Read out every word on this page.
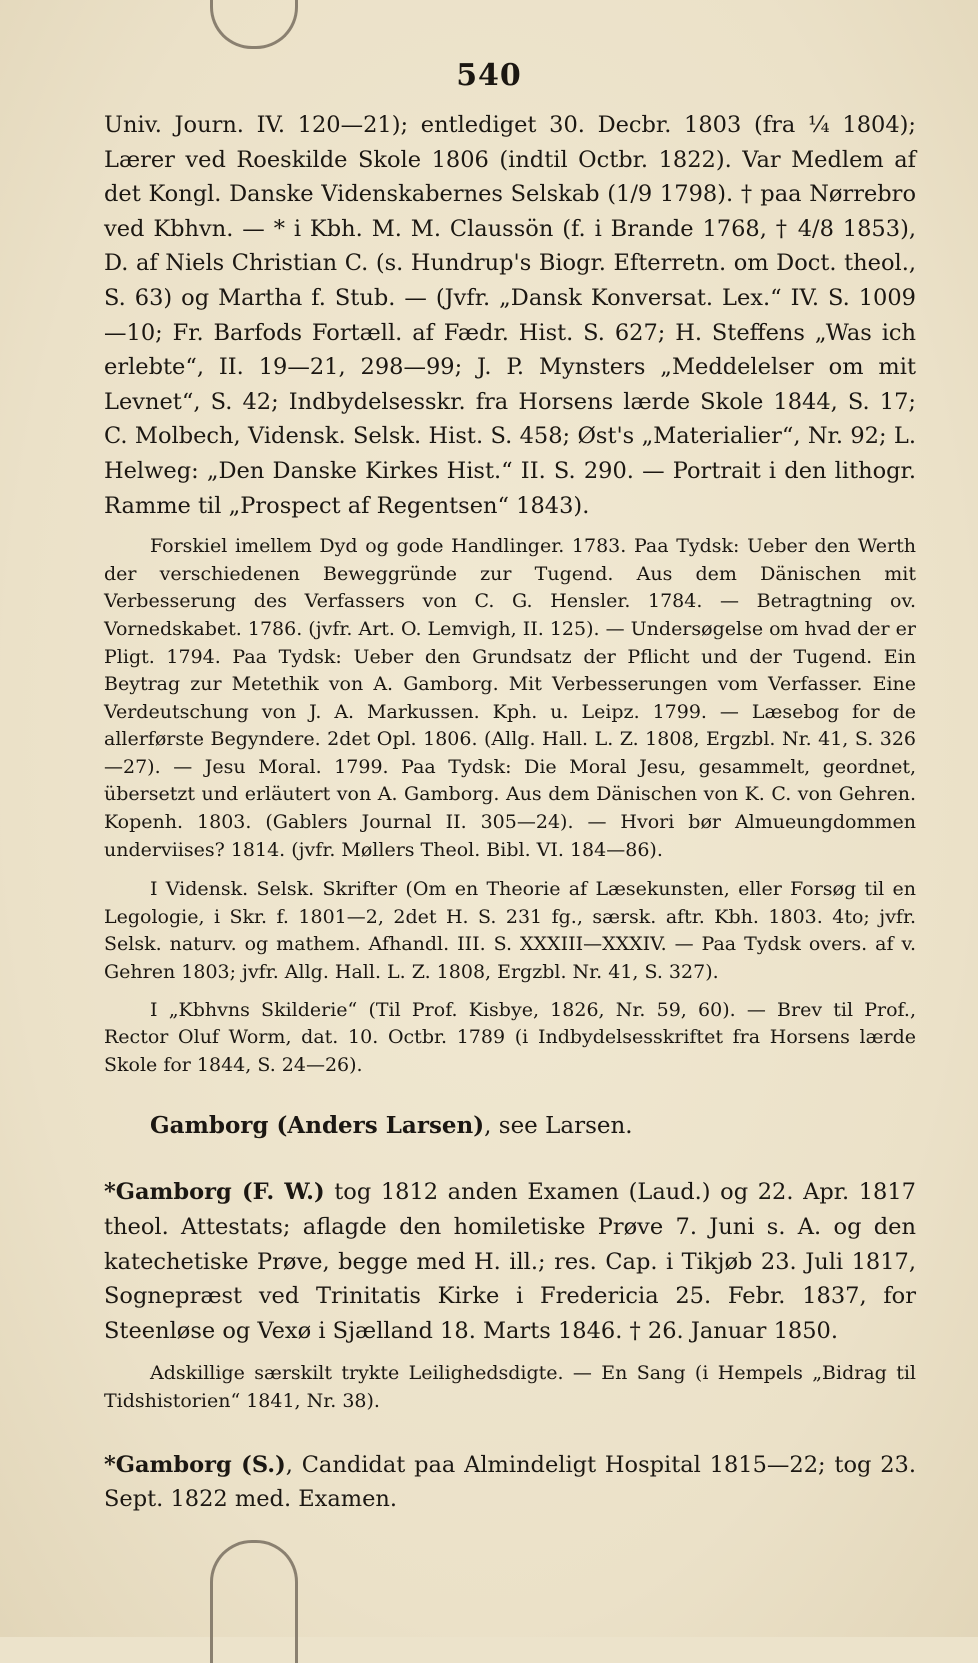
540

Univ. Journ. IV. 120—21); entlediget 30. Decbr. 1803 (fra ¼ 1804); Lærer ved Roeskilde Skole 1806 (indtil Octbr. 1822). Var Medlem af det Kongl. Danske Videnskabernes Selskab (1/9 1798). † paa Nørrebro ved Kbhvn. — * i Kbh. M. M. Claussön (f. i Brande 1768, † 4/8 1853), D. af Niels Christian C. (s. Hundrup's Biogr. Efterretn. om Doct. theol., S. 63) og Martha f. Stub. — (Jvfr. „Dansk Konversat. Lex.“ IV. S. 1009 —10; Fr. Barfods Fortæll. af Fædr. Hist. S. 627; H. Steffens „Was ich erlebte“, II. 19—21, 298—99; J. P. Mynsters „Meddelelser om mit Levnet“, S. 42; Indbydelsesskr. fra Horsens lærde Skole 1844, S. 17; C. Molbech, Vidensk. Selsk. Hist. S. 458; Øst's „Materialier“, Nr. 92; L. Helweg: „Den Danske Kirkes Hist.“ II. S. 290. — Portrait i den lithogr. Ramme til „Prospect af Regentsen“ 1843).

Forskiel imellem Dyd og gode Handlinger. 1783. Paa Tydsk: Ueber den Werth der verschiedenen Beweggründe zur Tugend. Aus dem Dänischen mit Verbesserung des Verfassers von C. G. Hensler. 1784. — Betragtning ov. Vornedskabet. 1786. (jvfr. Art. O. Lemvigh, II. 125). — Undersøgelse om hvad der er Pligt. 1794. Paa Tydsk: Ueber den Grundsatz der Pflicht und der Tugend. Ein Beytrag zur Metethik von A. Gamborg. Mit Verbesserungen vom Verfasser. Eine Verdeutschung von J. A. Markussen. Kph. u. Leipz. 1799. — Læsebog for de allerførste Begyndere. 2det Opl. 1806. (Allg. Hall. L. Z. 1808, Ergzbl. Nr. 41, S. 326—27). — Jesu Moral. 1799. Paa Tydsk: Die Moral Jesu, gesammelt, geordnet, übersetzt und erläutert von A. Gamborg. Aus dem Dänischen von K. C. von Gehren. Kopenh. 1803. (Gablers Journal II. 305—24). — Hvori bør Almueungdommen underviises? 1814. (jvfr. Møllers Theol. Bibl. VI. 184—86).

I Vidensk. Selsk. Skrifter (Om en Theorie af Læsekunsten, eller Forsøg til en Legologie, i Skr. f. 1801—2, 2det H. S. 231 fg., særsk. aftr. Kbh. 1803. 4to; jvfr. Selsk. naturv. og mathem. Afhandl. III. S. XXXIII—XXXIV. — Paa Tydsk overs. af v. Gehren 1803; jvfr. Allg. Hall. L. Z. 1808, Ergzbl. Nr. 41, S. 327).

I „Kbhvns Skilderie“ (Til Prof. Kisbye, 1826, Nr. 59, 60). — Brev til Prof., Rector Oluf Worm, dat. 10. Octbr. 1789 (i Indbydelsesskriftet fra Horsens lærde Skole for 1844, S. 24—26).

Gamborg (Anders Larsen), see Larsen.

*Gamborg (F. W.) tog 1812 anden Examen (Laud.) og 22. Apr. 1817 theol. Attestats; aflagde den homiletiske Prøve 7. Juni s. A. og den katechetiske Prøve, begge med H. ill.; res. Cap. i Tikjøb 23. Juli 1817, Sognepræst ved Trinitatis Kirke i Fredericia 25. Febr. 1837, for Steenløse og Vexø i Sjælland 18. Marts 1846. † 26. Januar 1850.

Adskillige særskilt trykte Leilighedsdigte. — En Sang (i Hempels „Bidrag til Tidshistorien“ 1841, Nr. 38).

*Gamborg (S.), Candidat paa Almindeligt Hospital 1815—22; tog 23. Sept. 1822 med. Examen.
